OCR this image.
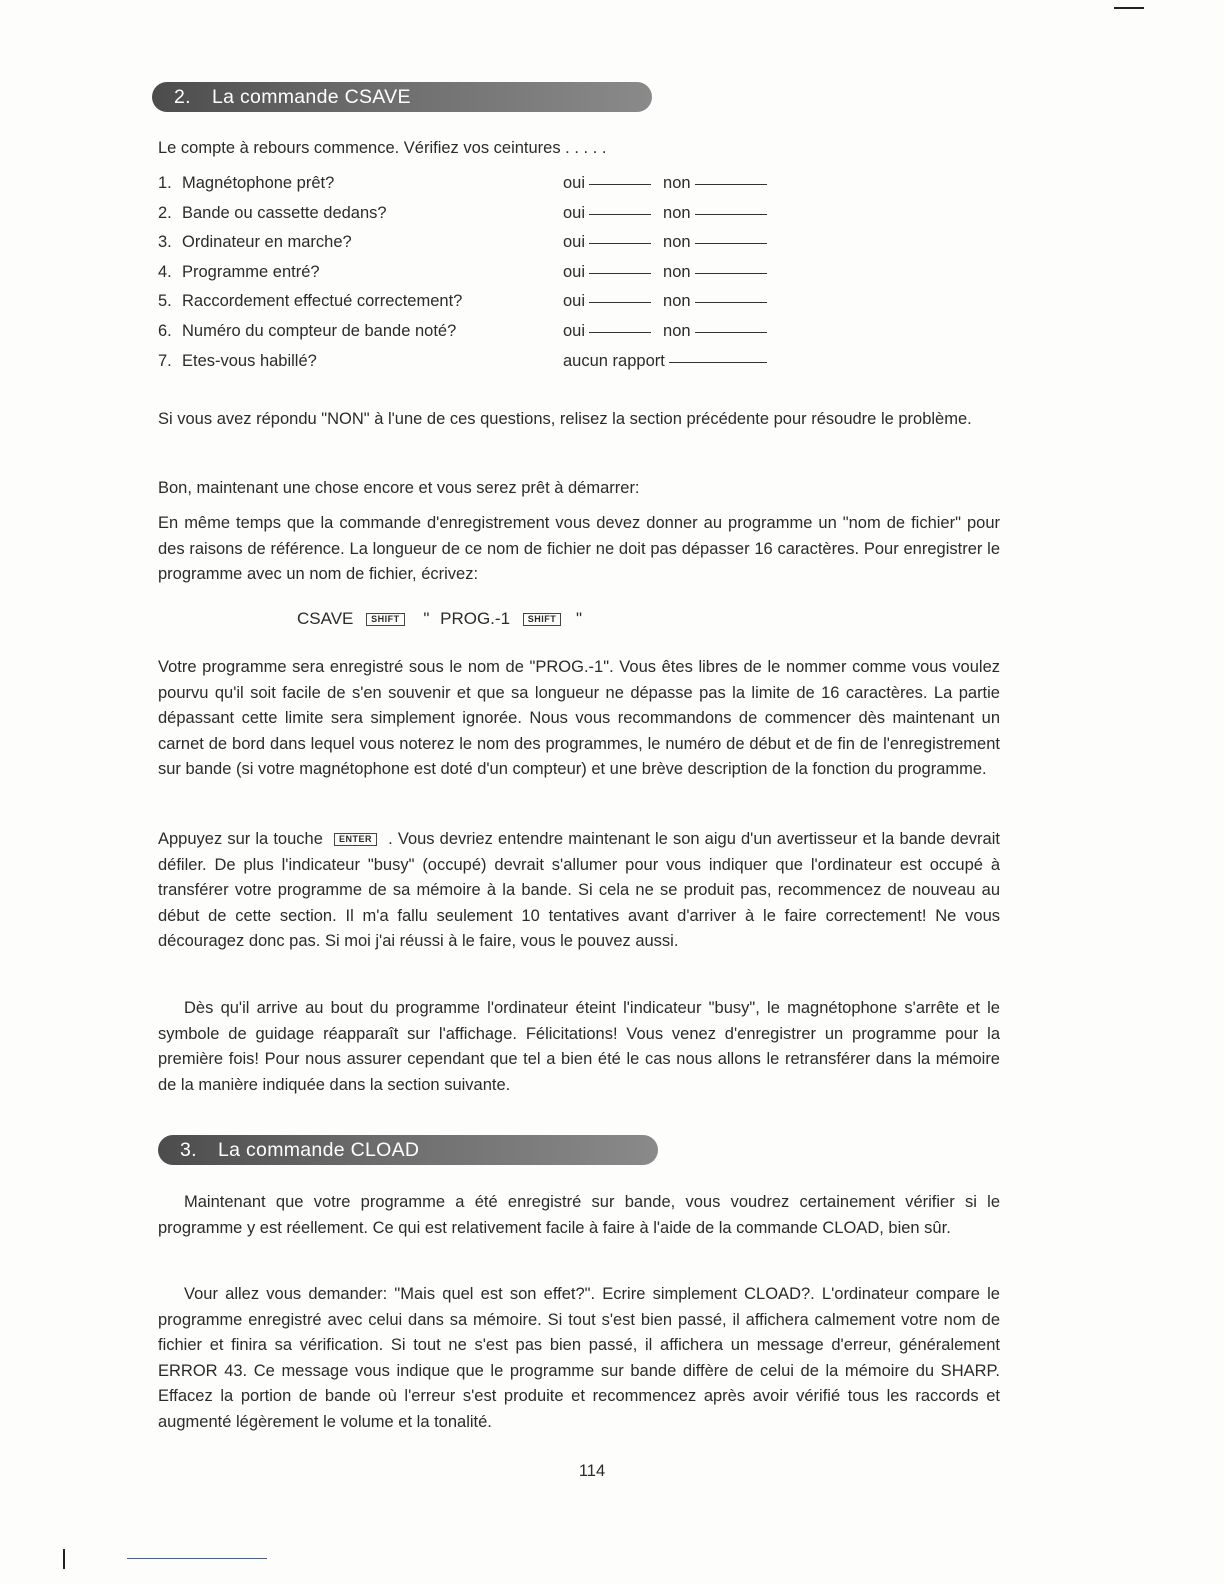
2. La commande CSAVE
Le compte à rebours commence. Vérifiez vos ceintures . . . . .
1. Magnétophone prêt?	oui	non
2. Bande ou cassette dedans?	oui	non
3. Ordinateur en marche?	oui	non
4. Programme entré?	oui	non
5. Raccordement effectué correctement?	oui	non
6. Numéro du compteur de bande noté?	oui	non
7. Etes-vous habillé?	aucun rapport

Si vous avez répondu "NON" à l'une de ces questions, relisez la section précédente pour résoudre le problème.

Bon, maintenant une chose encore et vous serez prêt à démarrer:

En même temps que la commande d'enregistrement vous devez donner au programme un "nom de fichier" pour des raisons de référence. La longueur de ce nom de fichier ne doit pas dépasser 16 caractères. Pour enregistrer le programme avec un nom de fichier, écrivez:

CSAVE SHIFT " PROG.-1 SHIFT "

Votre programme sera enregistré sous le nom de "PROG.-1". Vous êtes libres de le nommer comme vous voulez pourvu qu'il soit facile de s'en souvenir et que sa longueur ne dépasse pas la limite de 16 caractères. La partie dépassant cette limite sera simplement ignorée. Nous vous recommandons de commencer dès maintenant un carnet de bord dans lequel vous noterez le nom des programmes, le numéro de début et de fin de l'enregistrement sur bande (si votre magnétophone est doté d'un compteur) et une brève description de la fonction du programme.

Appuyez sur la touche ENTER . Vous devriez entendre maintenant le son aigu d'un avertisseur et la bande devrait défiler. De plus l'indicateur "busy" (occupé) devrait s'allumer pour vous indiquer que l'ordinateur est occupé à transférer votre programme de sa mémoire à la bande. Si cela ne se produit pas, recommencez de nouveau au début de cette section. Il m'a fallu seulement 10 tentatives avant d'arriver à le faire correctement! Ne vous découragez donc pas. Si moi j'ai réussi à le faire, vous le pouvez aussi.

Dès qu'il arrive au bout du programme l'ordinateur éteint l'indicateur "busy", le magnétophone s'arrête et le symbole de guidage réapparaît sur l'affichage. Félicitations! Vous venez d'enregistrer un programme pour la première fois! Pour nous assurer cependant que tel a bien été le cas nous allons le retransférer dans la mémoire de la manière indiquée dans la section suivante.

3. La commande CLOAD

Maintenant que votre programme a été enregistré sur bande, vous voudrez certainement vérifier si le programme y est réellement. Ce qui est relativement facile à faire à l'aide de la commande CLOAD, bien sûr.

Vour allez vous demander: "Mais quel est son effet?". Ecrire simplement CLOAD?. L'ordinateur compare le programme enregistré avec celui dans sa mémoire. Si tout s'est bien passé, il affichera calmement votre nom de fichier et finira sa vérification. Si tout ne s'est pas bien passé, il affichera un message d'erreur, généralement ERROR 43. Ce message vous indique que le programme sur bande diffère de celui de la mémoire du SHARP. Effacez la portion de bande où l'erreur s'est produite et recommencez après avoir vérifié tous les raccords et augmenté légèrement le volume et la tonalité.

114
